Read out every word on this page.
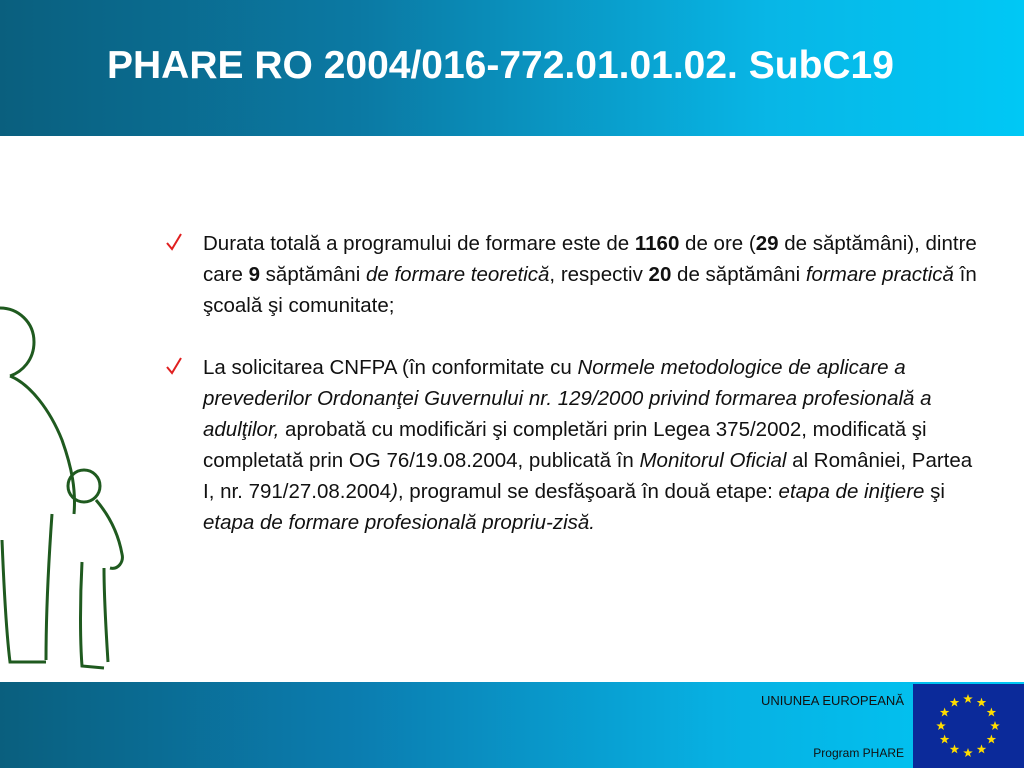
PHARE RO 2004/016-772.01.01.02. SubC19
Durata totală a programului de formare este de 1160 de ore (29 de săptămâni), dintre care 9 săptămâni de formare teoretică, respectiv 20 de săptămâni formare practică în şcoală şi comunitate;
La solicitarea CNFPA (în conformitate cu Normele metodologice de aplicare a prevederilor Ordonanţei Guvernului nr. 129/2000 privind formarea profesională a adulţilor, aprobată cu modificări şi completări prin Legea 375/2002, modificată şi completată prin OG 76/19.08.2004, publicată în Monitorul Oficial al României, Partea I, nr. 791/27.08.2004), programul se desfăşoară în două etape: etapa de iniţiere şi etapa de formare profesională propriu-zisă.
UNIUNEA EUROPEANĂ
Program PHARE
